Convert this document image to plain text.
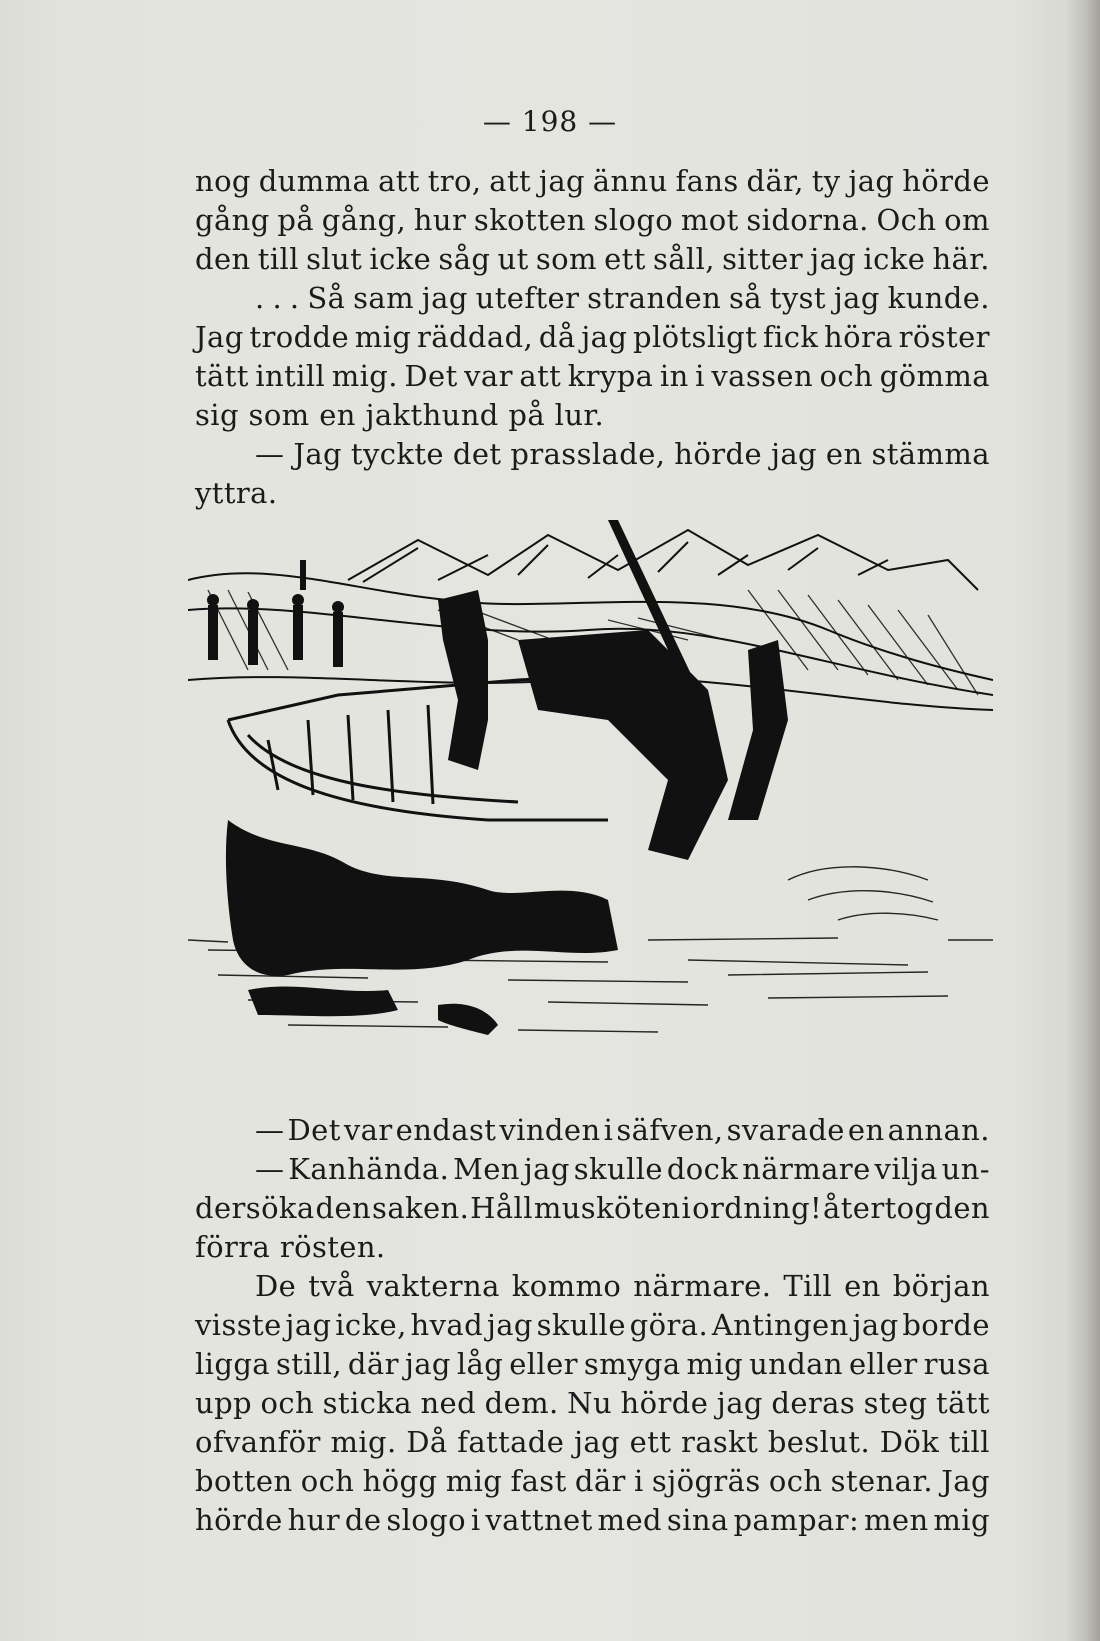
— 198 —
nog dumma att tro, att jag ännu fans där, ty jag hörde
gång på gång, hur skotten slogo mot sidorna. Och om
den till slut icke såg ut som ett såll, sitter jag icke här.
. . . Så sam jag utefter stranden så tyst jag kunde.
Jag trodde mig räddad, då jag plötsligt fick höra röster
tätt intill mig. Det var att krypa in i vassen och gömma
sig som en jakthund på lur.
— Jag tyckte det prasslade, hörde jag en stämma
yttra.
— Det var endast vinden i säfven, svarade en annan.
— Kanhända. Men jag skulle dock närmare vilja un-
dersöka den saken. Håll musköten i ordning! återtog den
förra rösten.
De två vakterna kommo närmare. Till en början
visste jag icke, hvad jag skulle göra. Antingen jag borde
ligga still, där jag låg eller smyga mig undan eller rusa
upp och sticka ned dem. Nu hörde jag deras steg tätt
ofvanför mig. Då fattade jag ett raskt beslut. Dök till
botten och högg mig fast där i sjögräs och stenar. Jag
hörde hur de slogo i vattnet med sina pampar: men mig
